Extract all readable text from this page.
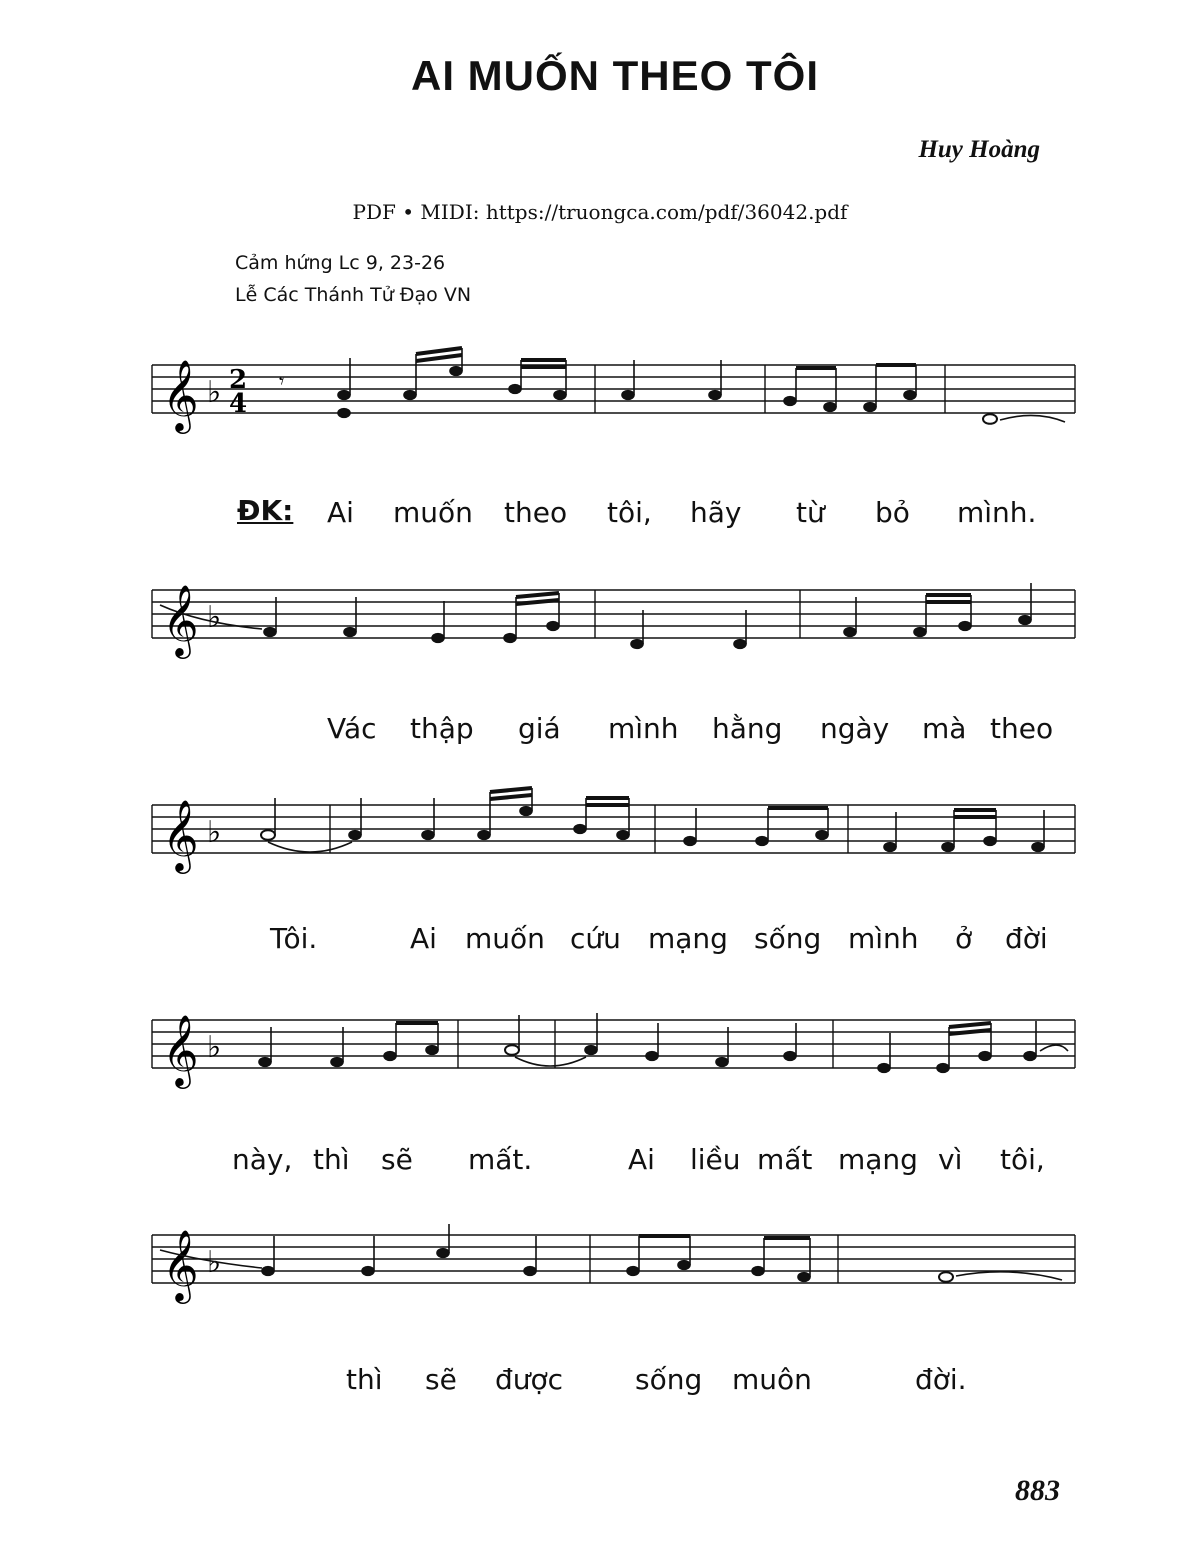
AI MUỐN THEO TÔI
Huy Hoàng
PDF • MIDI: https://truongca.com/pdf/36042.pdf
Cảm hứng Lc 9, 23-26
Lễ Các Thánh Tử Đạo VN
𝄞 ♭ 2
4
𝄾
ĐK: Ai muốn theo tôi, hãy từ bỏ mình.
𝄞 ♭
Vác thập giá mình hằng ngày mà theo
𝄞 ♭
Tôi.	Ai muốn cứu mạng sống mình ở đời
𝄞 ♭
này, thì sẽ mất.	Ai liều mất mạng vì tôi,
𝄞 ♭
thì sẽ được	sống muôn	đời.
883
